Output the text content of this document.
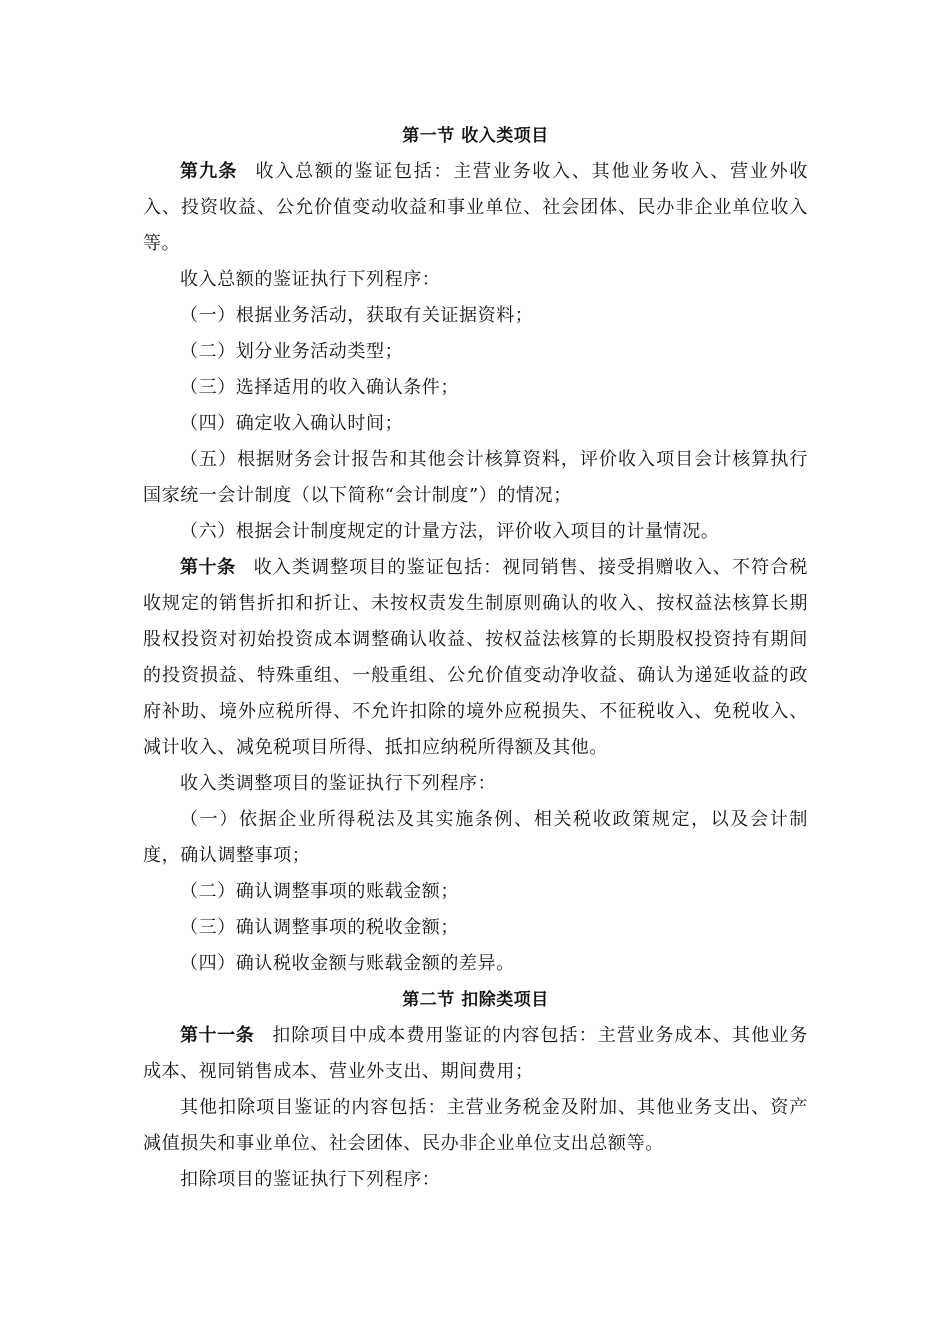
第一节 收入类项目

第九条 收入总额的鉴证包括：主营业务收入、其他业务收入、营业外收入、投资收益、公允价值变动收益和事业单位、社会团体、民办非企业单位收入等。

收入总额的鉴证执行下列程序：

（一）根据业务活动，获取有关证据资料；

（二）划分业务活动类型；

（三）选择适用的收入确认条件；

（四）确定收入确认时间；

（五）根据财务会计报告和其他会计核算资料，评价收入项目会计核算执行国家统一会计制度（以下简称“会计制度”）的情况；

（六）根据会计制度规定的计量方法，评价收入项目的计量情况。

第十条 收入类调整项目的鉴证包括：视同销售、接受捐赠收入、不符合税收规定的销售折扣和折让、未按权责发生制原则确认的收入、按权益法核算长期股权投资对初始投资成本调整确认收益、按权益法核算的长期股权投资持有期间的投资损益、特殊重组、一般重组、公允价值变动净收益、确认为递延收益的政府补助、境外应税所得、不允许扣除的境外应税损失、不征税收入、免税收入、减计收入、减免税项目所得、抵扣应纳税所得额及其他。

收入类调整项目的鉴证执行下列程序：

（一）依据企业所得税法及其实施条例、相关税收政策规定，以及会计制度，确认调整事项；

（二）确认调整事项的账载金额；

（三）确认调整事项的税收金额；

（四）确认税收金额与账载金额的差异。

第二节 扣除类项目

第十一条 扣除项目中成本费用鉴证的内容包括：主营业务成本、其他业务成本、视同销售成本、营业外支出、期间费用；

其他扣除项目鉴证的内容包括：主营业务税金及附加、其他业务支出、资产减值损失和事业单位、社会团体、民办非企业单位支出总额等。

扣除项目的鉴证执行下列程序：
